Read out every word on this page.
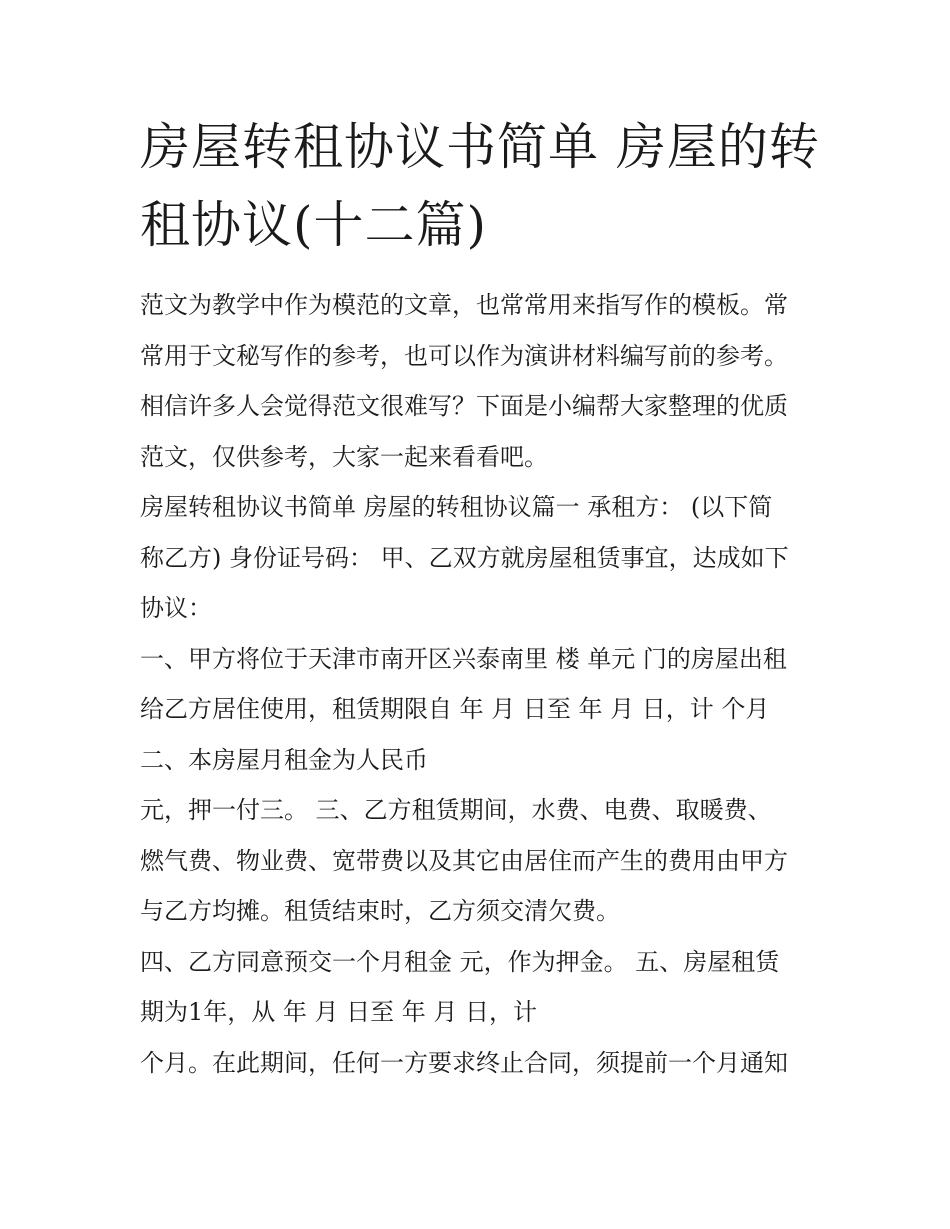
房屋转租协议书简单 房屋的转
租协议(十二篇)

范文为教学中作为模范的文章，也常常用来指写作的模板。常

常用于文秘写作的参考，也可以作为演讲材料编写前的参考。

相信许多人会觉得范文很难写？下面是小编帮大家整理的优质

范文，仅供参考，大家一起来看看吧。

房屋转租协议书简单 房屋的转租协议篇一 承租方： (以下简

称乙方) 身份证号码： 甲、乙双方就房屋租赁事宜，达成如下

协议：

一、甲方将位于天津市南开区兴泰南里 楼 单元 门的房屋出租

给乙方居住使用，租赁期限自 年 月 日至 年 月 日，计 个月

二、本房屋月租金为人民币

元，押一付三。 三、乙方租赁期间，水费、电费、取暖费、

燃气费、物业费、宽带费以及其它由居住而产生的费用由甲方

与乙方均摊。租赁结束时，乙方须交清欠费。

四、乙方同意预交一个月租金 元，作为押金。 五、房屋租赁

期为1年，从 年 月 日至 年 月 日，计

个月。在此期间，任何一方要求终止合同，须提前一个月通知
